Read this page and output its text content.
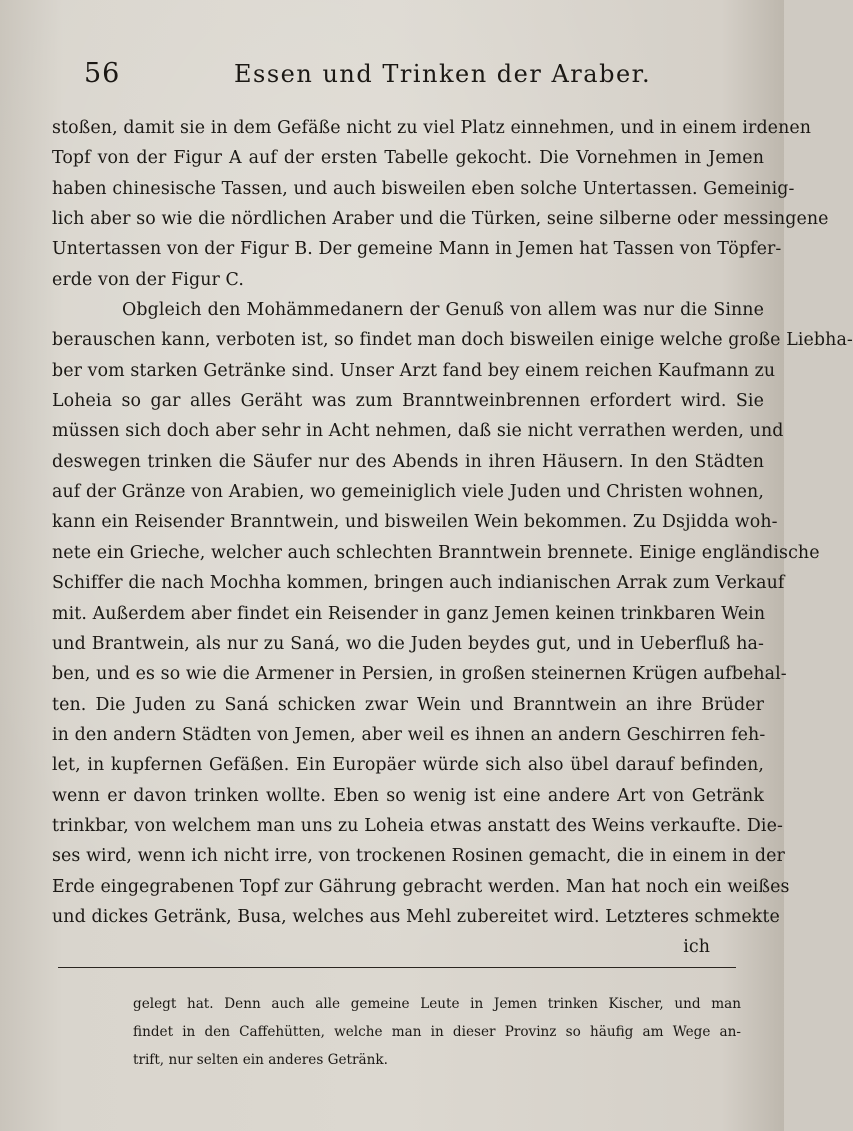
56	Essen und Trinken der Araber.
stoßen, damit sie in dem Gefäße nicht zu viel Platz einnehmen, und in einem irdenen
Topf von der Figur A auf der ersten Tabelle gekocht. Die Vornehmen in Jemen
haben chinesische Tassen, und auch bisweilen eben solche Untertassen. Gemeinig-
lich aber so wie die nördlichen Araber und die Türken, seine silberne oder messingene
Untertassen von der Figur B. Der gemeine Mann in Jemen hat Tassen von Töpfer-
erde von der Figur C.
Obgleich den Mohämmedanern der Genuß von allem was nur die Sinne
berauschen kann, verboten ist, so findet man doch bisweilen einige welche große Liebha-
ber vom starken Getränke sind. Unser Arzt fand bey einem reichen Kaufmann zu
Loheia so gar alles Geräht was zum Branntweinbrennen erfordert wird. Sie
müssen sich doch aber sehr in Acht nehmen, daß sie nicht verrathen werden, und
deswegen trinken die Säufer nur des Abends in ihren Häusern. In den Städten
auf der Gränze von Arabien, wo gemeiniglich viele Juden und Christen wohnen,
kann ein Reisender Branntwein, und bisweilen Wein bekommen. Zu Dsjidda woh-
nete ein Grieche, welcher auch schlechten Branntwein brennete. Einige engländische
Schiffer die nach Mochha kommen, bringen auch indianischen Arrak zum Verkauf
mit. Außerdem aber findet ein Reisender in ganz Jemen keinen trinkbaren Wein
und Brantwein, als nur zu Saná, wo die Juden beydes gut, und in Ueberfluß ha-
ben, und es so wie die Armener in Persien, in großen steinernen Krügen aufbehal-
ten. Die Juden zu Saná schicken zwar Wein und Branntwein an ihre Brüder
in den andern Städten von Jemen, aber weil es ihnen an andern Geschirren feh-
let, in kupfernen Gefäßen. Ein Europäer würde sich also übel darauf befinden,
wenn er davon trinken wollte. Eben so wenig ist eine andere Art von Getränk
trinkbar, von welchem man uns zu Loheia etwas anstatt des Weins verkaufte. Die-
ses wird, wenn ich nicht irre, von trockenen Rosinen gemacht, die in einem in der
Erde eingegrabenen Topf zur Gährung gebracht werden. Man hat noch ein weißes
und dickes Getränk, Busa, welches aus Mehl zubereitet wird. Letzteres schmekte
ich
gelegt hat. Denn auch alle gemeine Leute in Jemen trinken Kischer, und man
findet in den Caffehütten, welche man in dieser Provinz so häufig am Wege an-
trift, nur selten ein anderes Getränk.
